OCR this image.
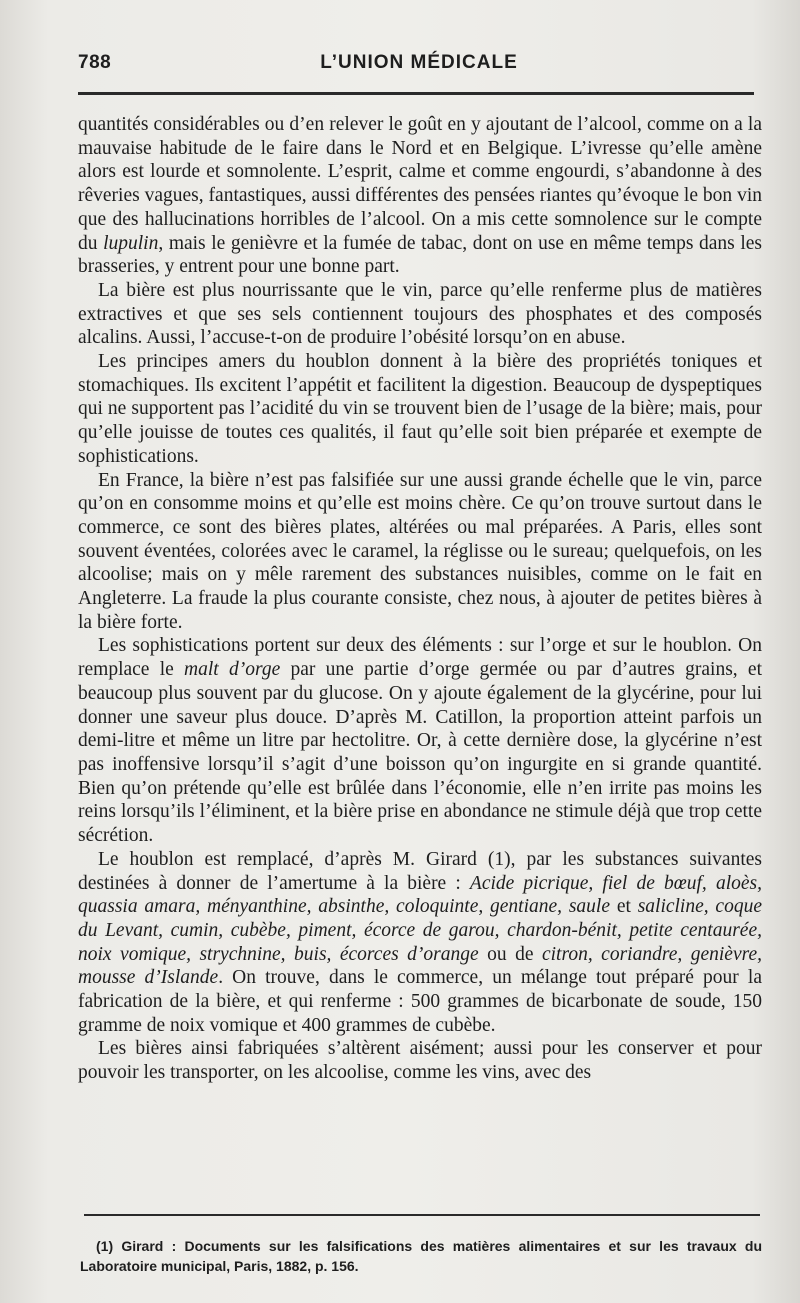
788	L’UNION MÉDICALE

quantités considérables ou d’en relever le goût en y ajoutant de l’alcool, comme on a la mauvaise habitude de le faire dans le Nord et en Belgique. L’ivresse qu’elle amène alors est lourde et somnolente. L’esprit, calme et comme engourdi, s’abandonne à des rêveries vagues, fantastiques, aussi différentes des pensées riantes qu’évoque le bon vin que des hallucinations horribles de l’alcool. On a mis cette somnolence sur le compte du lupulin, mais le genièvre et la fumée de tabac, dont on use en même temps dans les brasseries, y entrent pour une bonne part.

La bière est plus nourrissante que le vin, parce qu’elle renferme plus de matières extractives et que ses sels contiennent toujours des phosphates et des composés alcalins. Aussi, l’accuse-t-on de produire l’obésité lorsqu’on en abuse.

Les principes amers du houblon donnent à la bière des propriétés toniques et stomachiques. Ils excitent l’appétit et facilitent la digestion. Beaucoup de dyspeptiques qui ne supportent pas l’acidité du vin se trouvent bien de l’usage de la bière; mais, pour qu’elle jouisse de toutes ces qualités, il faut qu’elle soit bien préparée et exempte de sophistications.

En France, la bière n’est pas falsifiée sur une aussi grande échelle que le vin, parce qu’on en consomme moins et qu’elle est moins chère. Ce qu’on trouve surtout dans le commerce, ce sont des bières plates, altérées ou mal préparées. A Paris, elles sont souvent éventées, colorées avec le caramel, la réglisse ou le sureau; quelquefois, on les alcoolise; mais on y mêle rarement des substances nuisibles, comme on le fait en Angleterre. La fraude la plus courante consiste, chez nous, à ajouter de petites bières à la bière forte.

Les sophistications portent sur deux des éléments : sur l’orge et sur le houblon. On remplace le malt d’orge par une partie d’orge germée ou par d’autres grains, et beaucoup plus souvent par du glucose. On y ajoute également de la glycérine, pour lui donner une saveur plus douce. D’après M. Catillon, la proportion atteint parfois un demi-litre et même un litre par hectolitre. Or, à cette dernière dose, la glycérine n’est pas inoffensive lorsqu’il s’agit d’une boisson qu’on ingurgite en si grande quantité. Bien qu’on prétende qu’elle est brûlée dans l’économie, elle n’en irrite pas moins les reins lorsqu’ils l’éliminent, et la bière prise en abondance ne stimule déjà que trop cette sécrétion.

Le houblon est remplacé, d’après M. Girard (1), par les substances suivantes destinées à donner de l’amertume à la bière : Acide picrique, fiel de bœuf, aloès, quassia amara, ményanthine, absinthe, coloquinte, gentiane, saule et salicline, coque du Levant, cumin, cubèbe, piment, écorce de garou, chardon-bénit, petite centaurée, noix vomique, strychnine, buis, écorces d’orange ou de citron, coriandre, genièvre, mousse d’Islande. On trouve, dans le commerce, un mélange tout préparé pour la fabrication de la bière, et qui renferme : 500 grammes de bicarbonate de soude, 150 gramme de noix vomique et 400 grammes de cubèbe.

Les bières ainsi fabriquées s’altèrent aisément; aussi pour les conserver et pour pouvoir les transporter, on les alcoolise, comme les vins, avec des

(1) Girard : Documents sur les falsifications des matières alimentaires et sur les travaux du Laboratoire municipal, Paris, 1882, p. 156.
